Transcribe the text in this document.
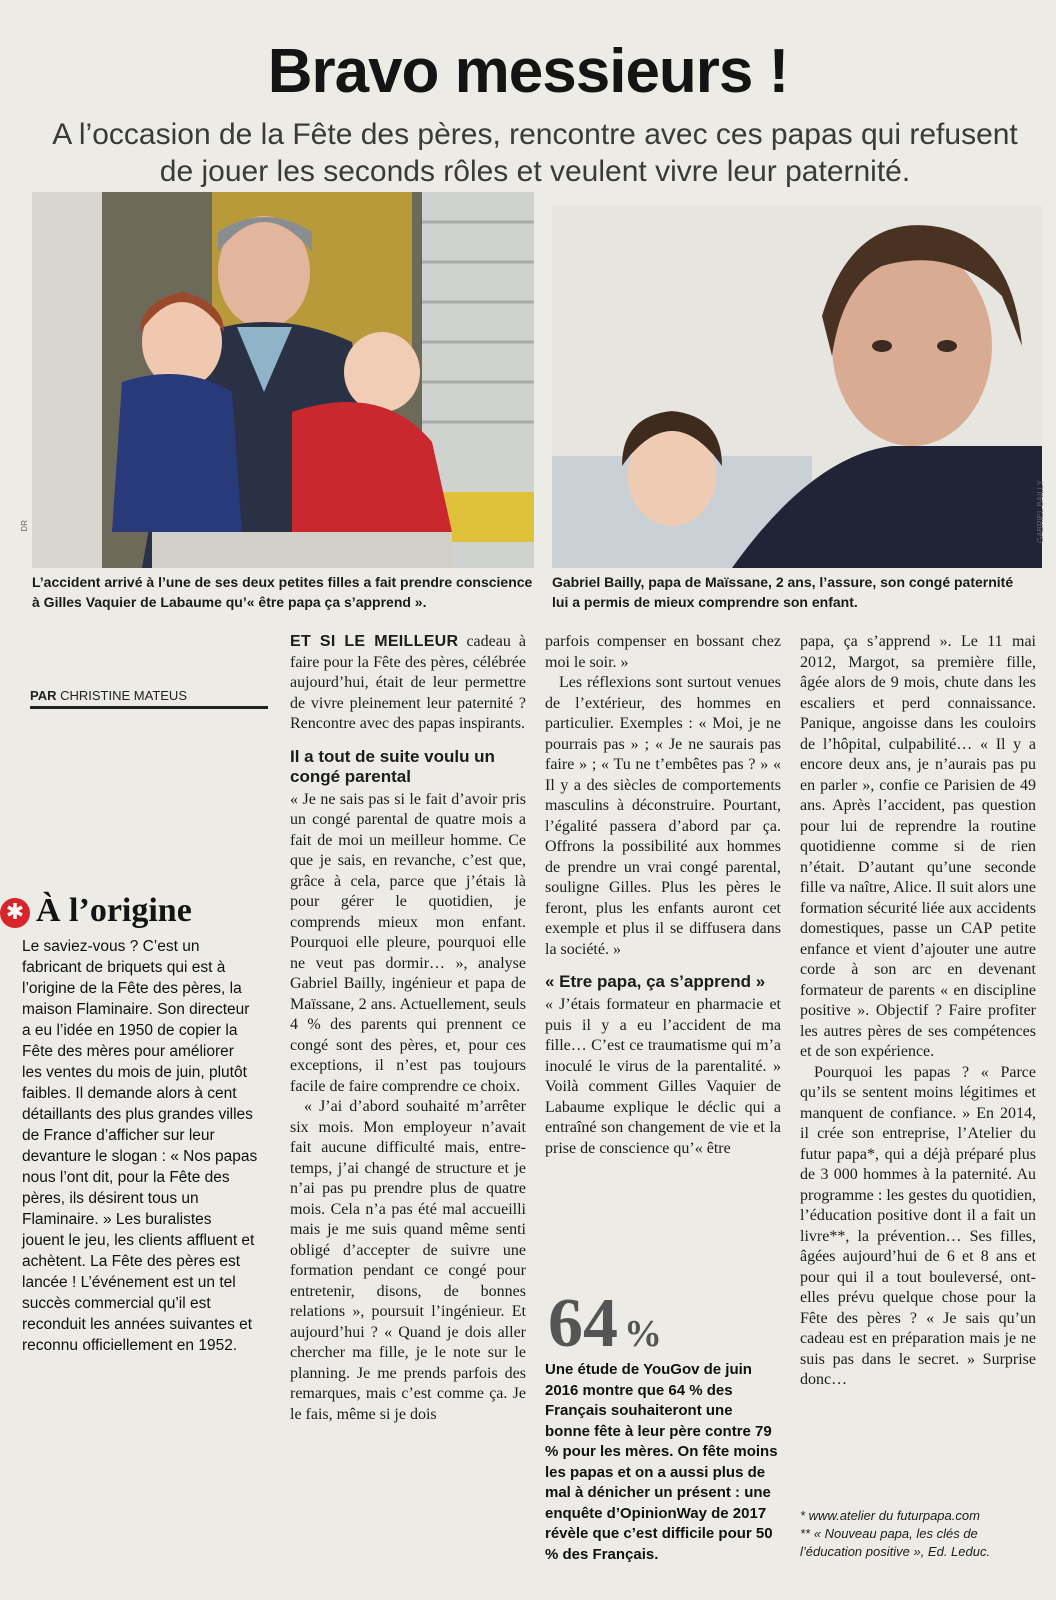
Bravo messieurs !
A l’occasion de la Fête des pères, rencontre avec ces papas qui refusent de jouer les seconds rôles et veulent vivre leur paternité.
DR	GABRIEL BAILLY
L’accident arrivé à l’une de ses deux petites filles a fait prendre conscience à Gilles Vaquier de Labaume qu’« être papa ça s’apprend ».
Gabriel Bailly, papa de Maïssane, 2 ans, l’assure, son congé paternité lui a permis de mieux comprendre son enfant.
PAR CHRISTINE MATEUS
✱ À l’origine
Le saviez-vous ? C’est un fabricant de briquets qui est à l’origine de la Fête des pères, la maison Flaminaire. Son directeur a eu l’idée en 1950 de copier la Fête des mères pour améliorer les ventes du mois de juin, plutôt faibles. Il demande alors à cent détaillants des plus grandes villes de France d’afficher sur leur devanture le slogan : « Nos papas nous l’ont dit, pour la Fête des pères, ils désirent tous un Flaminaire. » Les buralistes jouent le jeu, les clients affluent et achètent. La Fête des pères est lancée ! L’événement est un tel succès commercial qu’il est reconduit les années suivantes et reconnu officiellement en 1952.

ET SI LE MEILLEUR cadeau à faire pour la Fête des pères, célébrée aujourd’hui, était de leur permettre de vivre pleinement leur paternité ? Rencontre avec des papas inspirants.

Il a tout de suite voulu un congé parental

« Je ne sais pas si le fait d’avoir pris un congé parental de quatre mois a fait de moi un meilleur homme. Ce que je sais, en revanche, c’est que, grâce à cela, parce que j’étais là pour gérer le quotidien, je comprends mieux mon enfant. Pourquoi elle pleure, pourquoi elle ne veut pas dormir… », analyse Gabriel Bailly, ingénieur et papa de Maïssane, 2 ans. Actuellement, seuls 4 % des parents qui prennent ce congé sont des pères, et, pour ces exceptions, il n’est pas toujours facile de faire comprendre ce choix.

« J’ai d’abord souhaité m’arrêter six mois. Mon employeur n’avait fait aucune difficulté mais, entre-temps, j’ai changé de structure et je n’ai pas pu prendre plus de quatre mois. Cela n’a pas été mal accueilli mais je me suis quand même senti obligé d’accepter de suivre une formation pendant ce congé pour entretenir, disons, de bonnes relations », poursuit l’ingénieur. Et aujourd’hui ? « Quand je dois aller chercher ma fille, je le note sur le planning. Je me prends parfois des remarques, mais c’est comme ça. Je le fais, même si je dois

parfois compenser en bossant chez moi le soir. »

Les réflexions sont surtout venues de l’extérieur, des hommes en particulier. Exemples : « Moi, je ne pourrais pas » ; « Je ne saurais pas faire » ; « Tu ne t’embêtes pas ? » « Il y a des siècles de comportements masculins à déconstruire. Pourtant, l’égalité passera d’abord par ça. Offrons la possibilité aux hommes de prendre un vrai congé parental, souligne Gilles. Plus les pères le feront, plus les enfants auront cet exemple et plus il se diffusera dans la société. »

« Etre papa, ça s’apprend »

« J’étais formateur en pharmacie et puis il y a eu l’accident de ma fille… C’est ce traumatisme qui m’a inoculé le virus de la parentalité. » Voilà comment Gilles Vaquier de Labaume explique le déclic qui a entraîné son changement de vie et la prise de conscience qu’« être

64 %
Une étude de YouGov de juin 2016 montre que 64 % des Français souhaiteront une bonne fête à leur père contre 79 % pour les mères. On fête moins les papas et on a aussi plus de mal à dénicher un présent : une enquête d’OpinionWay de 2017 révèle que c’est difficile pour 50 % des Français.

papa, ça s’apprend ». Le 11 mai 2012, Margot, sa première fille, âgée alors de 9 mois, chute dans les escaliers et perd connaissance. Panique, angoisse dans les couloirs de l’hôpital, culpabilité… « Il y a encore deux ans, je n’aurais pas pu en parler », confie ce Parisien de 49 ans. Après l’accident, pas question pour lui de reprendre la routine quotidienne comme si de rien n’était. D’autant qu’une seconde fille va naître, Alice. Il suit alors une formation sécurité liée aux accidents domestiques, passe un CAP petite enfance et vient d’ajouter une autre corde à son arc en devenant formateur de parents « en discipline positive ». Objectif ? Faire profiter les autres pères de ses compétences et de son expérience.

Pourquoi les papas ? « Parce qu’ils se sentent moins légitimes et manquent de confiance. » En 2014, il crée son entreprise, l’Atelier du futur papa*, qui a déjà préparé plus de 3 000 hommes à la paternité. Au programme : les gestes du quotidien, l’éducation positive dont il a fait un livre**, la prévention… Ses filles, âgées aujourd’hui de 6 et 8 ans et pour qui il a tout bouleversé, ont-elles prévu quelque chose pour la Fête des pères ? « Je sais qu’un cadeau est en préparation mais je ne suis pas dans le secret. » Surprise donc…

* www.atelier du futurpapa.com
** « Nouveau papa, les clés de l’éducation positive », Ed. Leduc.
